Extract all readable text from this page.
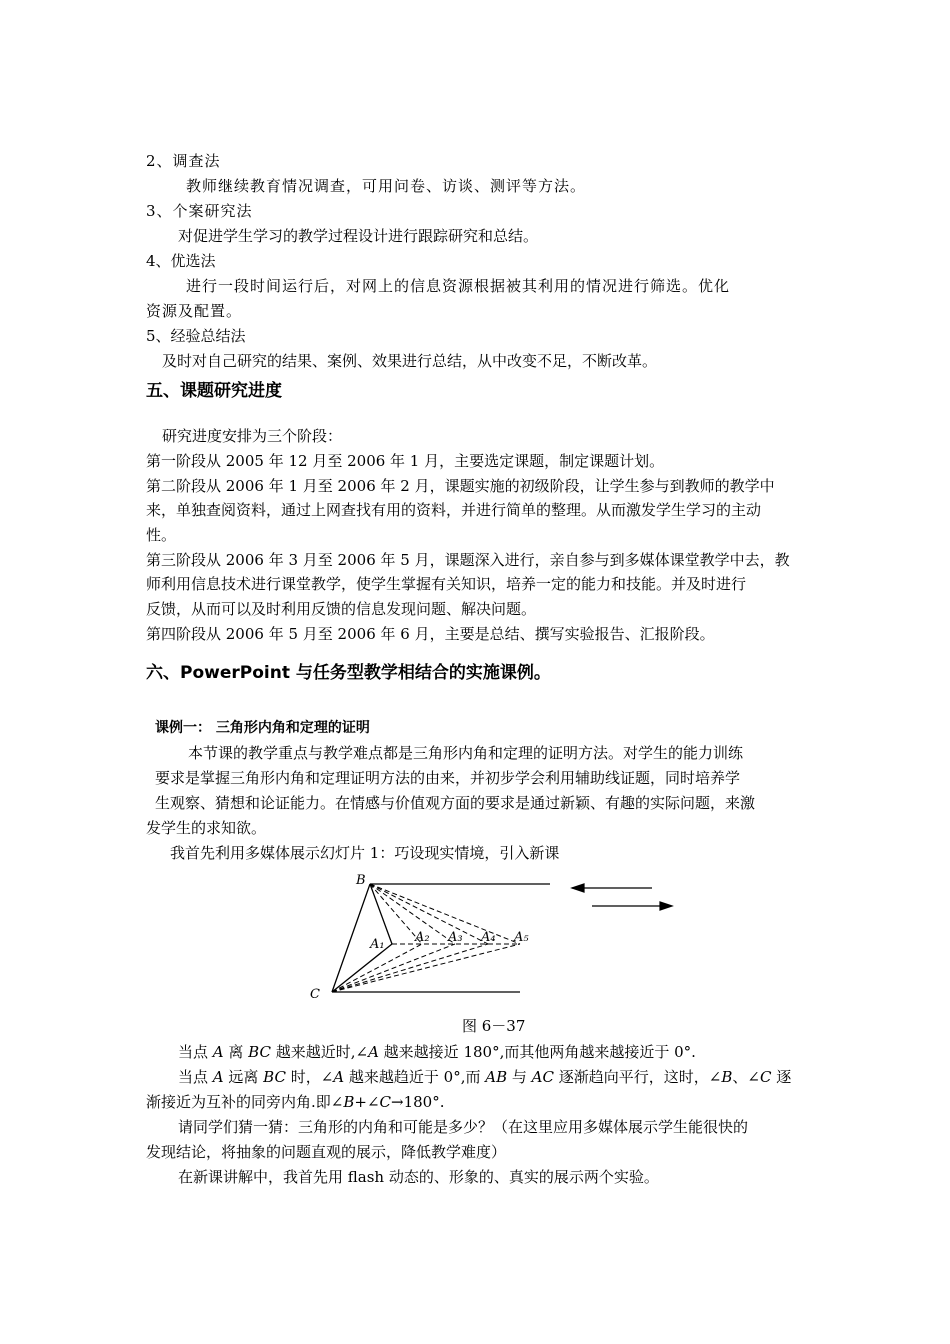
2、调查法
教师继续教育情况调查，可用问卷、访谈、测评等方法。
3、个案研究法
对促进学生学习的教学过程设计进行跟踪研究和总结。
4、优选法
进行一段时间运行后，对网上的信息资源根据被其利用的情况进行筛选。优化
资源及配置。
5、经验总结法
及时对自己研究的结果、案例、效果进行总结，从中改变不足，不断改革。
五、课题研究进度
研究进度安排为三个阶段：
第一阶段从 2005 年 12 月至 2006 年 1 月，主要选定课题，制定课题计划。
第二阶段从 2006 年 1 月至 2006 年 2 月，课题实施的初级阶段，让学生参与到教师的教学中
来，单独查阅资料，通过上网查找有用的资料，并进行简单的整理。从而激发学生学习的主动
性。
第三阶段从 2006 年 3 月至 2006 年 5 月，课题深入进行，亲自参与到多媒体课堂教学中去，教
师利用信息技术进行课堂教学，使学生掌握有关知识，培养一定的能力和技能。并及时进行
反馈，从而可以及时利用反馈的信息发现问题、解决问题。
第四阶段从 2006 年 5 月至 2006 年 6 月，主要是总结、撰写实验报告、汇报阶段。
六、PowerPoint 与任务型教学相结合的实施课例。
课例一： 三角形内角和定理的证明
本节课的教学重点与教学难点都是三角形内角和定理的证明方法。对学生的能力训练
要求是掌握三角形内角和定理证明方法的由来，并初步学会利用辅助线证题，同时培养学
生观察、猜想和论证能力。在情感与价值观方面的要求是通过新颖、有趣的实际问题，来激
发学生的求知欲。
我首先利用多媒体展示幻灯片 1：巧设现实情境，引入新课
B
C
A₁ A₂ A₃ A₄ A₅
图 6－37
当点 A 离 BC 越来越近时,∠A 越来越接近 180°,而其他两角越来越接近于 0°.
当点 A 远离 BC 时，∠A 越来越趋近于 0°,而 AB 与 AC 逐渐趋向平行，这时，∠B、∠C 逐
渐接近为互补的同旁内角.即∠B+∠C→180°.
请同学们猜一猜：三角形的内角和可能是多少？（在这里应用多媒体展示学生能很快的
发现结论，将抽象的问题直观的展示，降低教学难度）
在新课讲解中，我首先用 flash 动态的、形象的、真实的展示两个实验。
